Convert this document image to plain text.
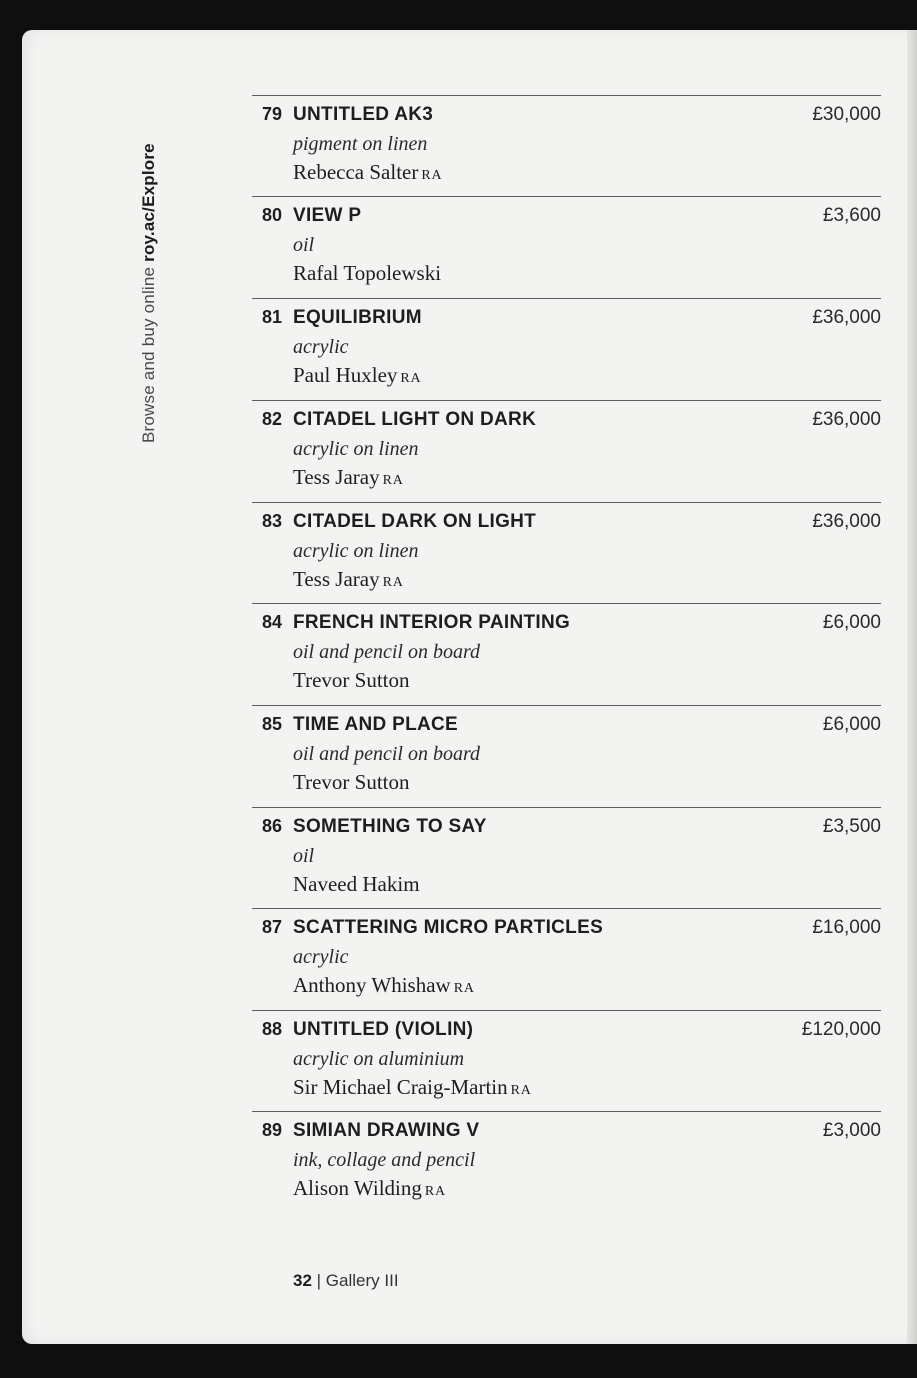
Browse and buy online roy.ac/Explore
79 UNTITLED AK3	£30,000
pigment on linen
Rebecca Salter RA
80 VIEW P	£3,600
oil
Rafal Topolewski
81 EQUILIBRIUM	£36,000
acrylic
Paul Huxley RA
82 CITADEL LIGHT ON DARK	£36,000
acrylic on linen
Tess Jaray RA
83 CITADEL DARK ON LIGHT	£36,000
acrylic on linen
Tess Jaray RA
84 FRENCH INTERIOR PAINTING	£6,000
oil and pencil on board
Trevor Sutton
85 TIME AND PLACE	£6,000
oil and pencil on board
Trevor Sutton
86 SOMETHING TO SAY	£3,500
oil
Naveed Hakim
87 SCATTERING MICRO PARTICLES	£16,000
acrylic
Anthony Whishaw RA
88 UNTITLED (VIOLIN)	£120,000
acrylic on aluminium
Sir Michael Craig-Martin RA
89 SIMIAN DRAWING V	£3,000
ink, collage and pencil
Alison Wilding RA
32 | Gallery III
